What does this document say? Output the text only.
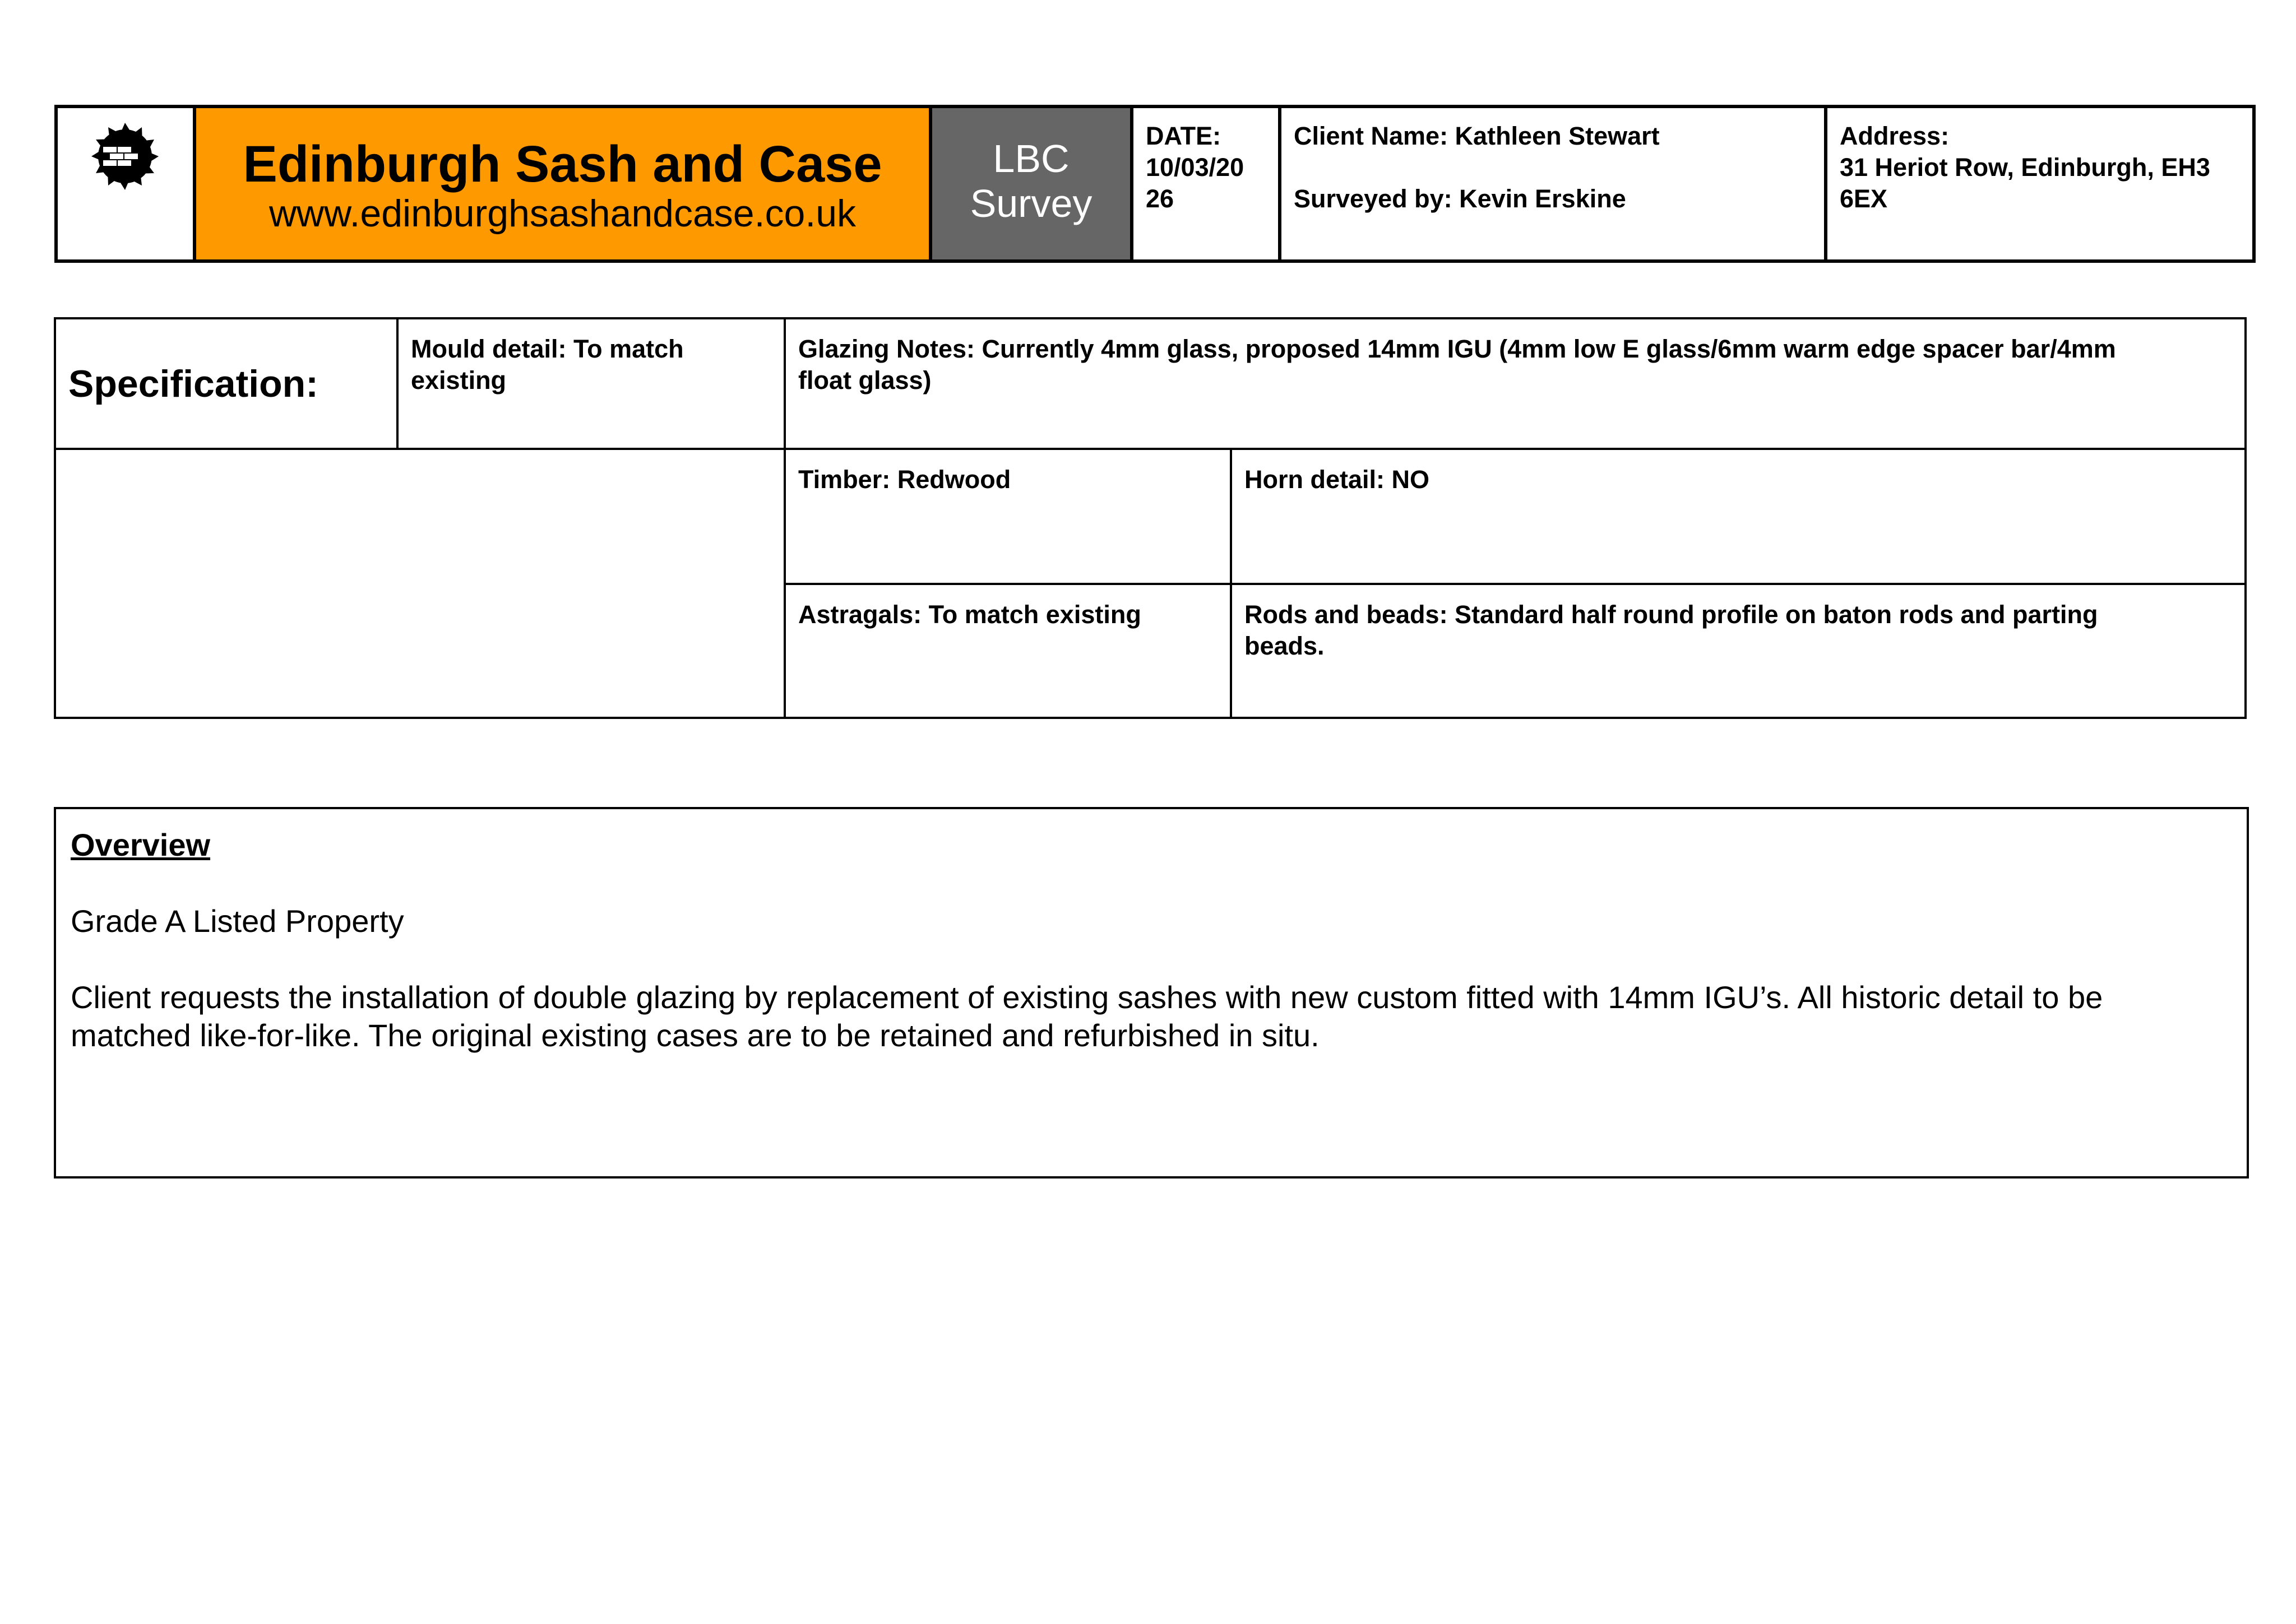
Edinburgh Sash and Case
www.edinburghsashandcase.co.uk
LBC
Survey
DATE:
10/03/20
26
Client Name: Kathleen Stewart
Surveyed by: Kevin Erskine
Address:
31 Heriot Row, Edinburgh, EH3
6EX
Specification:
Mould detail: To match
existing
Glazing Notes: Currently 4mm glass, proposed 14mm IGU (4mm low E glass/6mm warm edge spacer bar/4mm
float glass)
Timber: Redwood	Horn detail: NO
Astragals: To match existing	Rods and beads: Standard half round profile on baton rods and parting
beads.

Overview

Grade A Listed Property

Client requests the installation of double glazing by replacement of existing sashes with new custom fitted with 14mm IGU’s. All historic detail to be

matched like-for-like. The original existing cases are to be retained and refurbished in situ.
